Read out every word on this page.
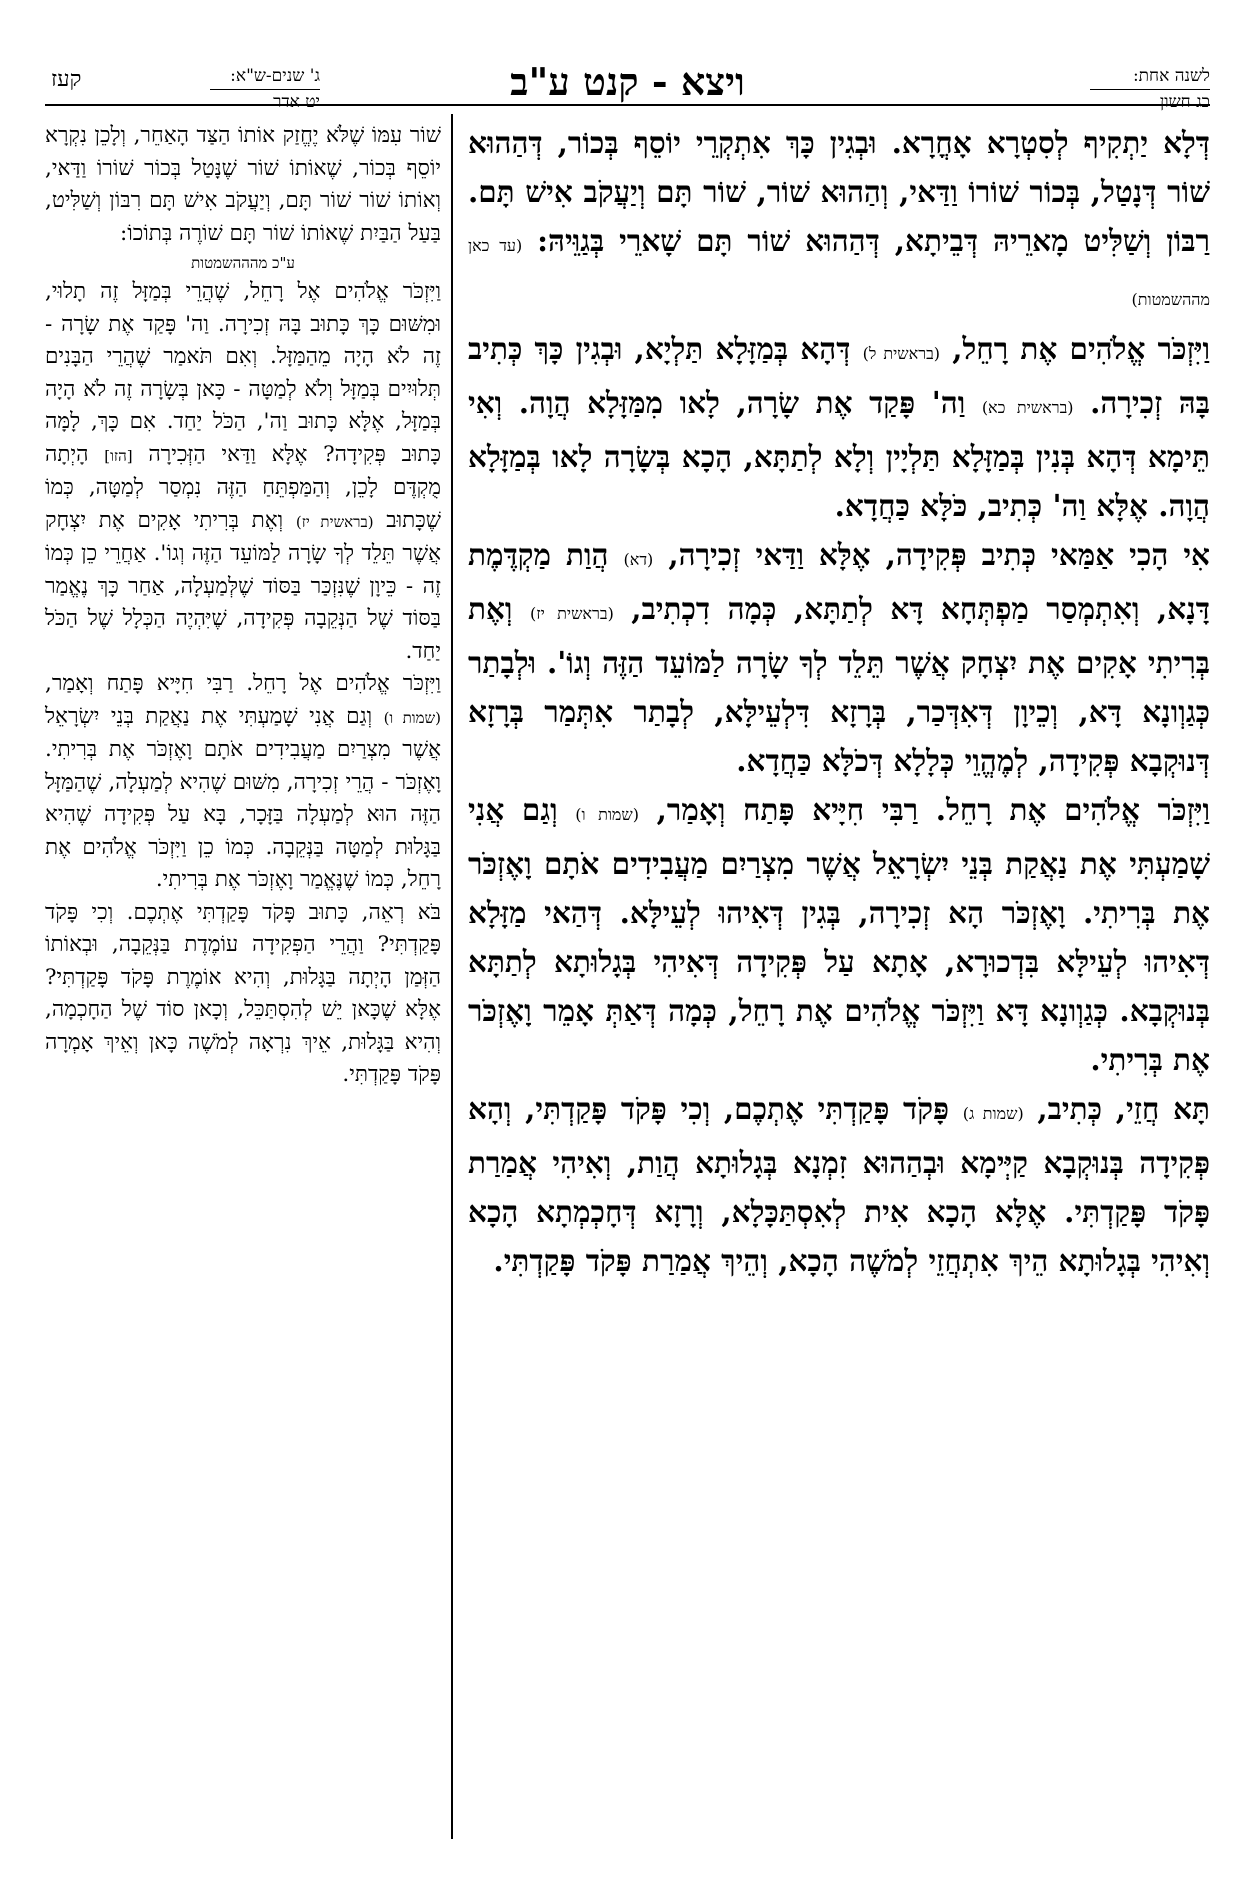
לשנה אחת:
כג חשון
ויצא - קנט ע"ב
ג' שנים-ש"א:
יט אדר
קעז

דְּלָא יַתְקִיף לְסִטְרָא אָחֳרָא. וּבְגִין כָּךְ אִתְקְרֵי יוֹסֵף בְּכוֹר, דְּהַהוּא שׁוֹר דְּנָטַל, בְּכוֹר שׁוֹרוֹ וַדַּאי, וְהַהוּא שׁוֹר, שׁוֹר תָּם וְיַעֲקֹב אִישׁ תָּם. רַבּוֹן וְשַׁלִּיט מָארֵיהּ דְּבֵיתָא, דְּהַהוּא שׁוֹר תָּם שָׁארֵי בְּגַוֵּיהּ: (עד כאן מההשמטות)

וַיִּזְכֹּר אֱלֹהִים אֶת רָחֵל, (בראשית ל) דְּהָא בְּמַזָּלָא תַּלְיָא, וּבְגִין כָּךְ כְּתִיב בָּהּ זְכִירָה. (בראשית כא) וַה' פָּקַד אֶת שָׂרָה, לָאו מִמַּזָּלָא הֲוָה. וְאִי תֵּימָא דְּהָא בְּנִין בְּמַזָּלָא תַּלְיָין וְלָא לְתַתָּא, הָכָא בְּשָׂרָה לָאו בְּמַזָּלָא הֲוָה. אֶלָּא וַה' כְּתִיב, כֹּלָּא כַּחֲדָא.

אִי הָכִי אַמַּאי כְּתִיב פְּקִידָה, אֶלָּא וַדַּאי זְכִירָה, (דא) הֲוַת מַקְדֶּמֶת דָּנָא, וְאִתְמְסַר מַפְתְּחָא דָּא לְתַתָּא, כְּמָה דִכְתִיב, (בראשית יז) וְאֶת בְּרִיתִי אָקִים אֶת יִצְחָק אֲשֶׁר תֵּלֵד לְךָ שָׂרָה לַמּוֹעֵד הַזֶּה וְגוֹ'. וּלְבָתַר כְּגַוְונָא דָּא, וְכֵיוָן דְּאִדְּכַר, בְּרָזָא דִּלְעֵילָּא, לְבָתַר אִתְּמַר בְּרָזָא דְּנוּקְבָא פְּקִידָה, לְמֶהֱוֵי כְּלָלָא דְּכֹלָּא כַּחֲדָא.

וַיִּזְכֹּר אֱלֹהִים אֶת רָחֵל. רַבִּי חִיָּיא פָּתַח וְאָמַר, (שמות ו) וְגַם אֲנִי שָׁמַעְתִּי אֶת נַאֲקַת בְּנֵי יִשְׂרָאֵל אֲשֶׁר מִצְרַיִם מַעֲבִידִים אֹתָם וָאֶזְכֹּר אֶת בְּרִיתִי. וָאֶזְכֹּר הָא זְכִירָה, בְּגִין דְּאִיהוּ לְעֵילָּא. דְּהַאי מַזָּלָא דְּאִיהוּ לְעֵילָּא בִּדְכוּרָא, אָתָא עַל פְּקִידָה דְּאִיהִי בְּגָלוּתָא לְתַתָּא בְּנוּקְבָא. כְּגַוְונָא דָּא וַיִּזְכֹּר אֱלֹהִים אֶת רָחֵל, כְּמָה דְּאַתְּ אָמֵר וָאֶזְכֹּר אֶת בְּרִיתִי.

תָּא חֲזֵי, כְּתִיב, (שמות ג) פָּקֹד פָּקַדְתִּי אֶתְכֶם, וְכִי פָּקֹד פָּקַדְתִּי, וְהָא פְּקִידָה בְּנוּקְבָא קַיְּימָא וּבְהַהוּא זִמְנָא בְּגָלוּתָא הֲוַת, וְאִיהִי אֲמַרַת פָּקֹד פָּקַדְתִּי. אֶלָּא הָכָא אִית לְאִסְתַּכָּלָא, וְרָזָא דְּחָכְמְתָא הָכָא וְאִיהִי בְּגָלוּתָא הֵיךְ אִתְחֲזֵי לְמֹשֶׁה הָכָא, וְהֵיךְ אֲמַרַת פָּקֹד פָּקַדְתִּי.

שׁוֹר עִמּוֹ שֶׁלֹּא יֶחֱזַק אוֹתוֹ הַצַּד הָאַחֵר, וְלָכֵן נִקְרָא יוֹסֵף בְּכוֹר, שֶׁאוֹתוֹ שׁוֹר שֶׁנָּטַל בְּכוֹר שׁוֹרוֹ וַדַּאי, וְאוֹתוֹ שׁוֹר שׁוֹר תָּם, וְיַעֲקֹב אִישׁ תָּם רִבּוֹן וְשַׁלִּיט, בַּעַל הַבַּיִת שֶׁאוֹתוֹ שׁוֹר תָּם שׁוֹרֶה בְּתוֹכוֹ:

ע"כ מהההשמטות

וַיִּזְכֹּר אֱלֹהִים אֶל רָחֵל, שֶׁהֲרֵי בְּמַזָּל זֶה תָלוּי, וּמִשּׁוּם כָּךְ כָּתוּב בָּהּ זְכִירָה. וַה' פָּקַד אֶת שָׂרָה - זֶה לֹא הָיָה מֵהַמַּזָּל. וְאִם תֹּאמַר שֶׁהֲרֵי הַבָּנִים תְּלוּיִים בְּמַזָּל וְלֹא לְמַטָּה - כָּאן בְּשָׂרָה זֶה לֹא הָיָה בְּמַזָּל, אֶלָּא כָּתוּב וַה', הַכֹּל יַחַד. אִם כָּךְ, לָמָּה כָּתוּב פְּקִידָה? אֶלָּא וַדַּאי הַזְּכִירָה [הזו] הָיְתָה מֻקְדֶּם לָכֵן, וְהַמַּפְתֵּחַ הַזֶּה נִמְסַר לְמַטָּה, כְּמוֹ שֶׁכָּתוּב (בראשית יז) וְאֶת בְּרִיתִי אָקִים אֶת יִצְחָק אֲשֶׁר תֵּלֵד לְךָ שָׂרָה לַמּוֹעֵד הַזֶּה וְגוֹ'. אַחֲרֵי כֵן כְּמוֹ זֶה - כֵּיוָן שֶׁנִּזְכַּר בַּסּוֹד שֶׁלְּמַעְלָה, אַחַר כָּךְ נֶאֱמַר בַּסּוֹד שֶׁל הַנְּקֵבָה פְּקִידָה, שֶׁיִּהְיֶה הַכְּלָל שֶׁל הַכֹּל יַחַד.

וַיִּזְכֹּר אֱלֹהִים אֶל רָחֵל. רַבִּי חִיָּיא פָּתַח וְאָמַר, (שמות ו) וְגַם אֲנִי שָׁמַעְתִּי אֶת נַאֲקַת בְּנֵי יִשְׂרָאֵל אֲשֶׁר מִצְרַיִם מַעֲבִידִים אֹתָם וָאֶזְכֹּר אֶת בְּרִיתִי. וָאֶזְכֹּר - הֲרֵי זְכִירָה, מִשּׁוּם שֶׁהִיא לְמַעְלָה, שֶׁהַמַּזָּל הַזֶּה הוּא לְמַעְלָה בַּזָּכָר, בָּא עַל פְּקִידָה שֶׁהִיא בַּגָּלוּת לְמַטָּה בַּנְּקֵבָה. כְּמוֹ כֵן וַיִּזְכֹּר אֱלֹהִים אֶת רָחֵל, כְּמוֹ שֶׁנֶּאֱמַר וָאֶזְכֹּר אֶת בְּרִיתִי.

בֹּא רְאֵה, כָּתוּב פָּקֹד פָּקַדְתִּי אֶתְכֶם. וְכִי פָּקֹד פָּקַדְתִּי? וַהֲרֵי הַפְּקִידָה עוֹמֶדֶת בַּנְּקֵבָה, וּבְאוֹתוֹ הַזְּמַן הָיְתָה בַּגָּלוּת, וְהִיא אוֹמֶרֶת פָּקֹד פָּקַדְתִּי? אֶלָּא שֶׁכָּאן יֵשׁ לְהִסְתַּכֵּל, וְכָאן סוֹד שֶׁל הַחָכְמָה, וְהִיא בַּגָּלוּת, אֵיךְ נִרְאָה לְמֹשֶׁה כָּאן וְאֵיךְ אָמְרָה פָּקֹד פָּקַדְתִּי.
